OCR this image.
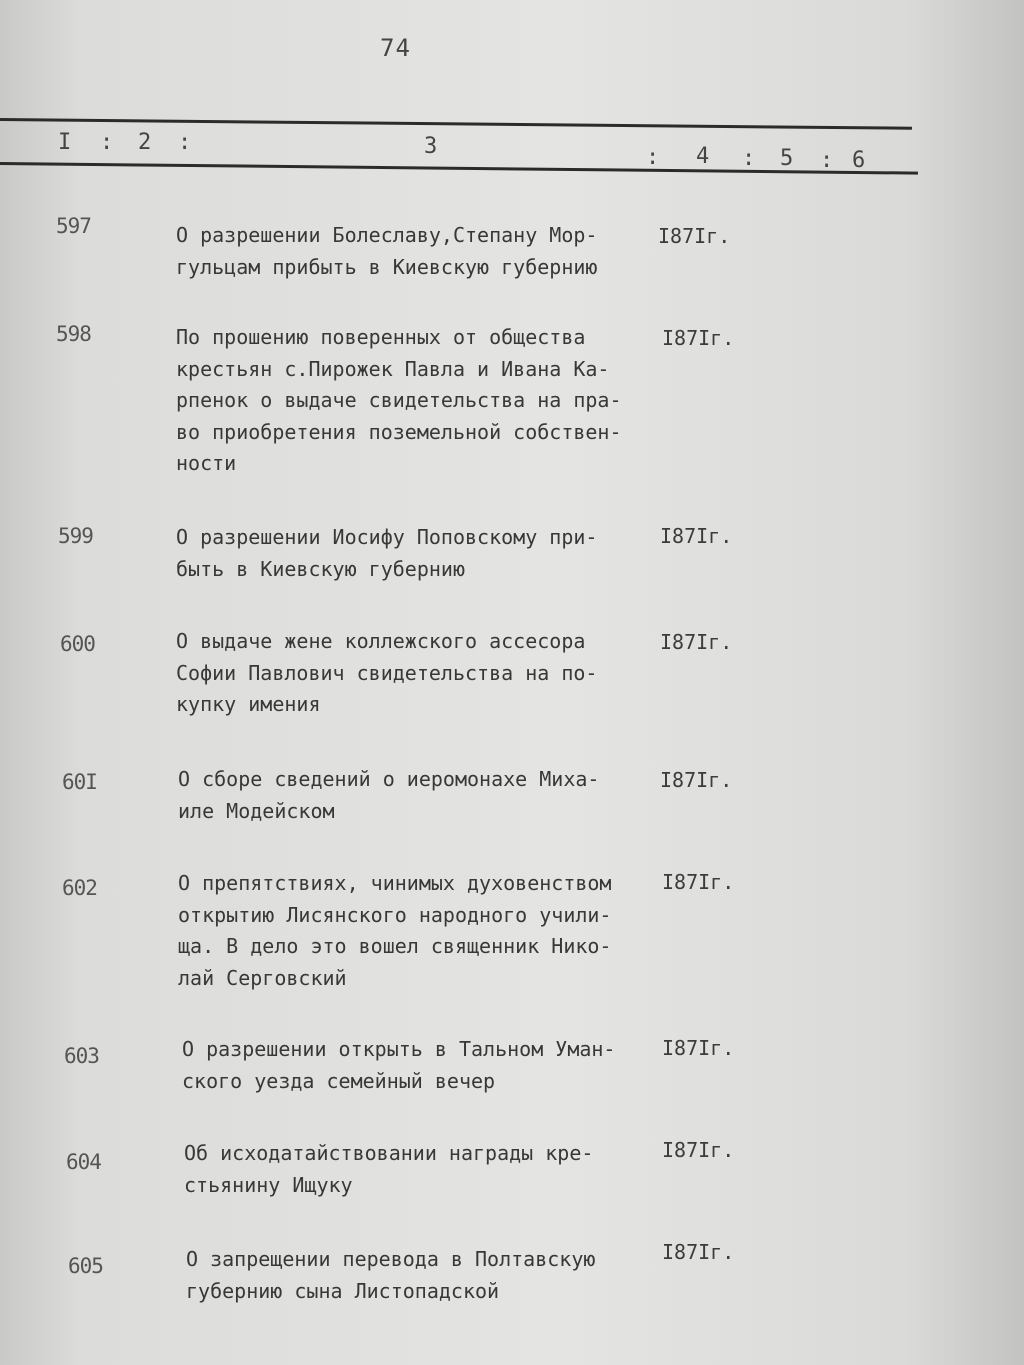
74
I : 2 :	3	: 4 : 5 : 6
597	О разрешении Болеславу,Степану Мор-
гульцам прибыть в Киевскую губернию
I87Iг.
598	По прошению поверенных от общества
крестьян с.Пирожек Павла и Ивана Ка-
рпенок о выдаче свидетельства на пра-
во приобретения поземельной собствен-
ности
I87Iг.
599	О разрешении Иосифу Поповскому при-
быть в Киевскую губернию
I87Iг.
600	О выдаче жене коллежского ассесора
Софии Павлович свидетельства на по-
купку имения
I87Iг.
60I	О сборе сведений о иеромонахе Миха-
иле Модейском
I87Iг.
602	О препятствиях, чинимых духовенством
открытию Лисянского народного учили-
ща. В дело это вошел священник Нико-
лай Серговский
I87Iг.
603	О разрешении открыть в Тальном Уман-
ского уезда семейный вечер
I87Iг.
604	Об исходатайствовании награды кре-
стьянину Ищуку
I87Iг.
605	О запрещении перевода в Полтавскую
губернию сына Листопадской
I87Iг.
